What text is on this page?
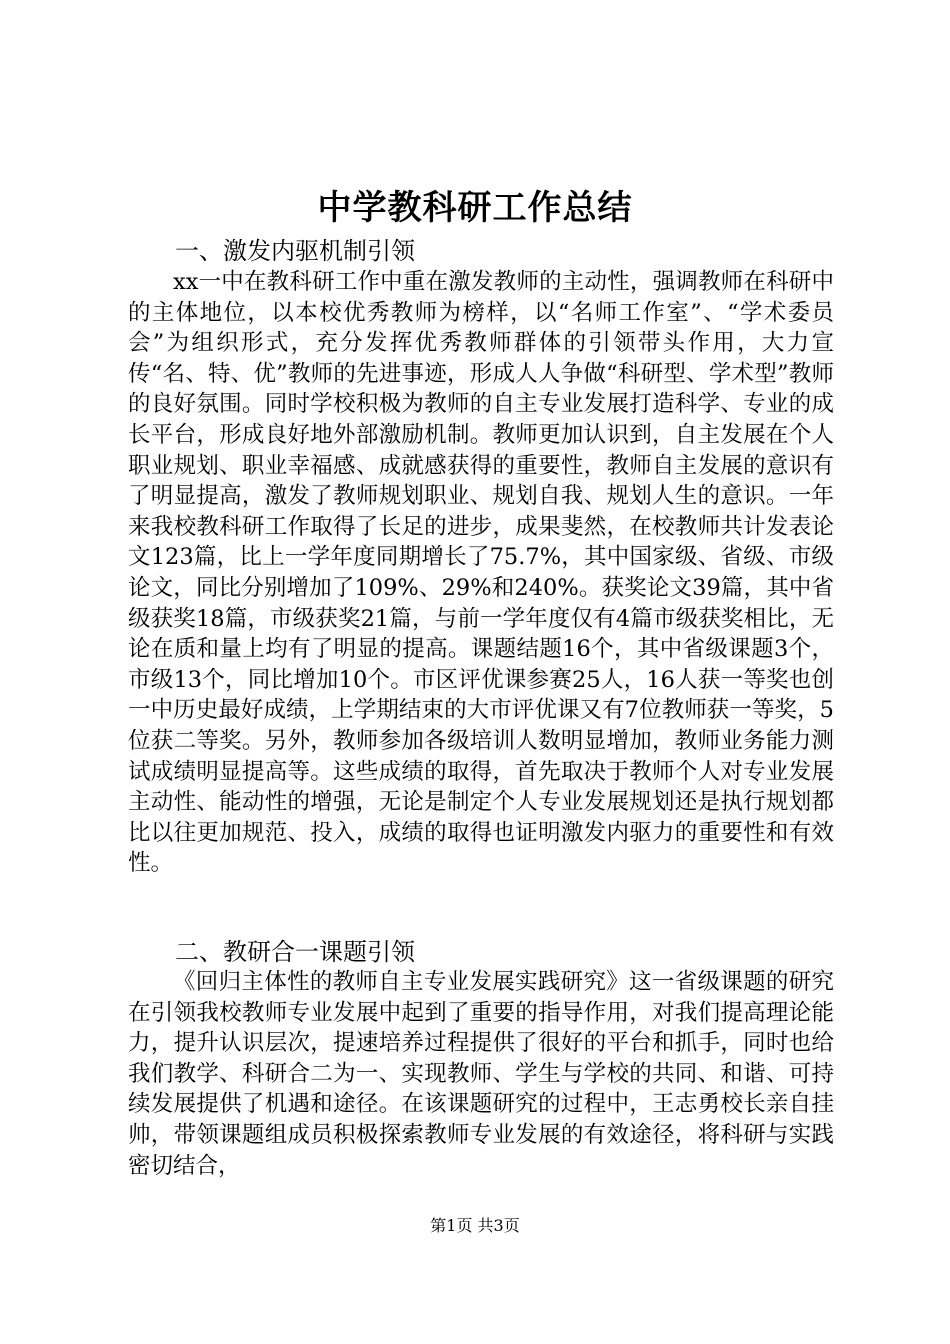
中学教科研工作总结
一、激发内驱机制引领
xx一中在教科研工作中重在激发教师的主动性，强调教师在科研中的主体地位，以本校优秀教师为榜样，以“名师工作室”、“学术委员会”为组织形式，充分发挥优秀教师群体的引领带头作用，大力宣传“名、特、优”教师的先进事迹，形成人人争做“科研型、学术型”教师的良好氛围。同时学校积极为教师的自主专业发展打造科学、专业的成长平台，形成良好地外部激励机制。教师更加认识到，自主发展在个人职业规划、职业幸福感、成就感获得的重要性，教师自主发展的意识有了明显提高，激发了教师规划职业、规划自我、规划人生的意识。一年来我校教科研工作取得了长足的进步，成果斐然，在校教师共计发表论文123篇，比上一学年度同期增长了75.7%，其中国家级、省级、市级论文，同比分别增加了109%、29%和240%。获奖论文39篇，其中省级获奖18篇，市级获奖21篇，与前一学年度仅有4篇市级获奖相比，无论在质和量上均有了明显的提高。课题结题16个，其中省级课题3个，市级13个，同比增加10个。市区评优课参赛25人，16人获一等奖也创一中历史最好成绩，上学期结束的大市评优课又有7位教师获一等奖，5位获二等奖。另外，教师参加各级培训人数明显增加，教师业务能力测试成绩明显提高等。这些成绩的取得，首先取决于教师个人对专业发展主动性、能动性的增强，无论是制定个人专业发展规划还是执行规划都比以往更加规范、投入，成绩的取得也证明激发内驱力的重要性和有效性。
二、教研合一课题引领
《回归主体性的教师自主专业发展实践研究》这一省级课题的研究在引领我校教师专业发展中起到了重要的指导作用，对我们提高理论能力，提升认识层次，提速培养过程提供了很好的平台和抓手，同时也给我们教学、科研合二为一、实现教师、学生与学校的共同、和谐、可持续发展提供了机遇和途径。在该课题研究的过程中，王志勇校长亲自挂帅，带领课题组成员积极探索教师专业发展的有效途径，将科研与实践密切结合，
第1页 共3页
